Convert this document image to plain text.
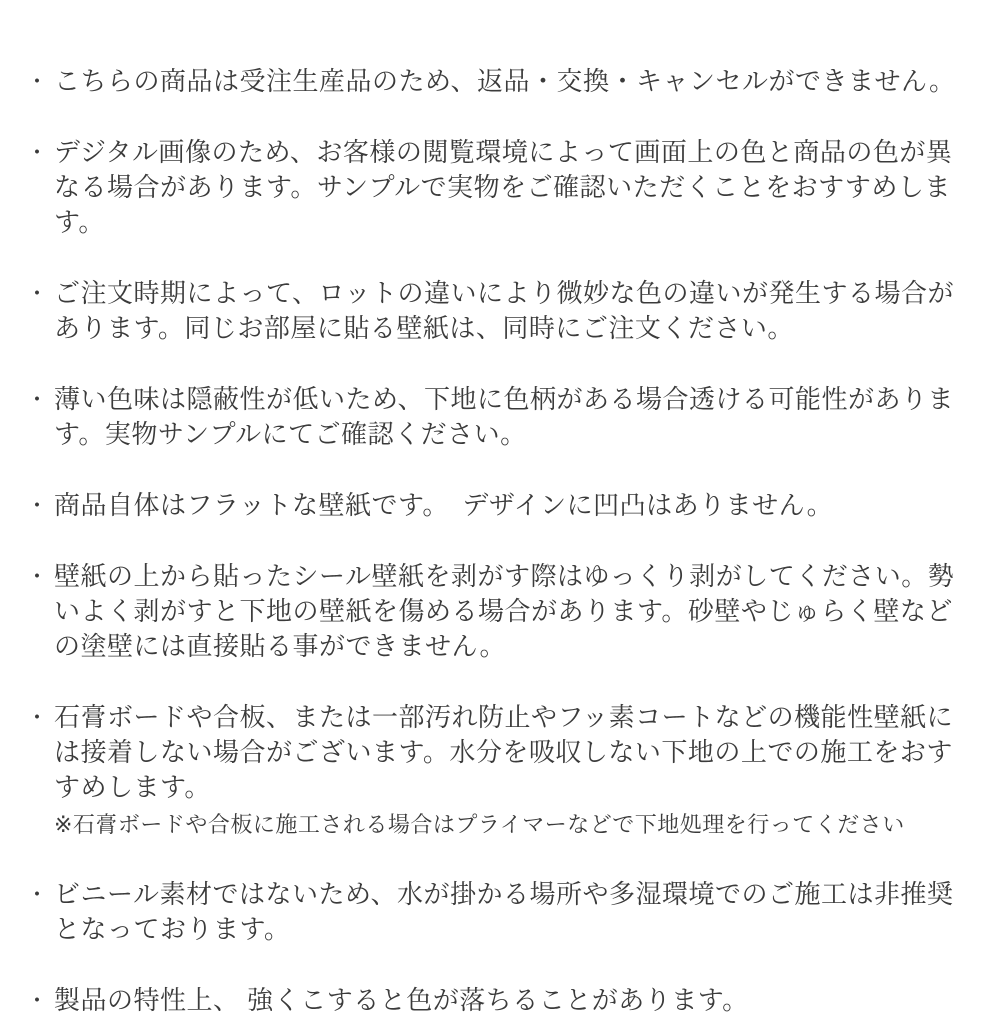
・ こちらの商品は受注生産品のため、返品・交換・キャンセルができません。

・ デジタル画像のため、お客様の閲覧環境によって画面上の色と商品の色が異なる場合があります。サンプルで実物をご確認いただくことをおすすめします。

・ ご注文時期によって、ロットの違いにより微妙な色の違いが発生する場合があります。同じお部屋に貼る壁紙は、同時にご注文ください。

・ 薄い色味は隠蔽性が低いため、下地に色柄がある場合透ける可能性があります。実物サンプルにてご確認ください。

・ 商品自体はフラットな壁紙です。　デザインに凹凸はありません。

・ 壁紙の上から貼ったシール壁紙を剥がす際はゆっくり剥がしてください。勢いよく剥がすと下地の壁紙を傷める場合があります。砂壁やじゅらく壁などの塗壁には直接貼る事ができません。

・ 石膏ボードや合板、または一部汚れ防止やフッ素コートなどの機能性壁紙には接着しない場合がございます。水分を吸収しない下地の上での施工をおすすめします。

※石膏ボードや合板に施工される場合はプライマーなどで下地処理を行ってください

・ ビニール素材ではないため、水が掛かる場所や多湿環境でのご施工は非推奨となっております。

・ 製品の特性上、 強くこすると色が落ちることがあります。
